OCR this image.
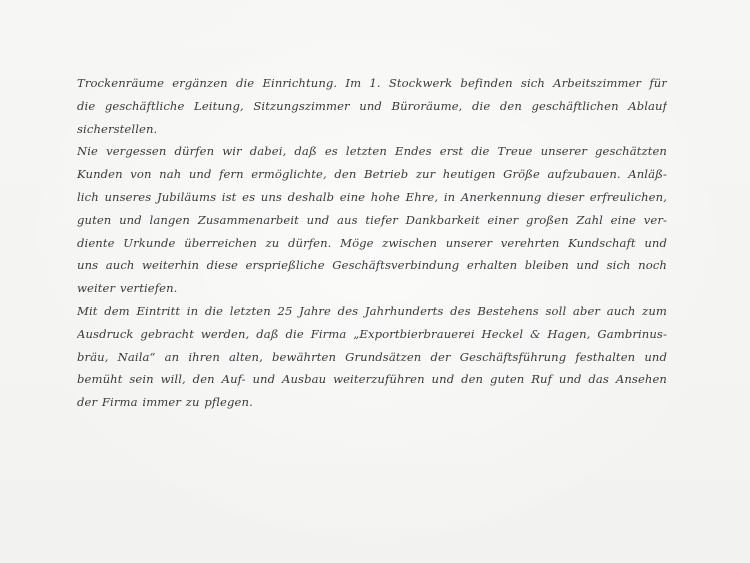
Trockenräume ergänzen die Einrichtung. Im 1. Stockwerk befinden sich Arbeitszimmer für
die geschäftliche Leitung, Sitzungszimmer und Büroräume, die den geschäftlichen Ablauf
sicherstellen.
Nie vergessen dürfen wir dabei, daß es letzten Endes erst die Treue unserer geschätzten
Kunden von nah und fern ermöglichte, den Betrieb zur heutigen Größe aufzubauen. Anläß-
lich unseres Jubiläums ist es uns deshalb eine hohe Ehre, in Anerkennung dieser erfreulichen,
guten und langen Zusammenarbeit und aus tiefer Dankbarkeit einer großen Zahl eine ver-
diente Urkunde überreichen zu dürfen. Möge zwischen unserer verehrten Kundschaft und
uns auch weiterhin diese ersprießliche Geschäftsverbindung erhalten bleiben und sich noch
weiter vertiefen.
Mit dem Eintritt in die letzten 25 Jahre des Jahrhunderts des Bestehens soll aber auch zum
Ausdruck gebracht werden, daß die Firma „Exportbierbrauerei Heckel & Hagen, Gambrinus-
bräu, Naila“ an ihren alten, bewährten Grundsätzen der Geschäftsführung festhalten und
bemüht sein will, den Auf- und Ausbau weiterzuführen und den guten Ruf und das Ansehen
der Firma immer zu pflegen.
